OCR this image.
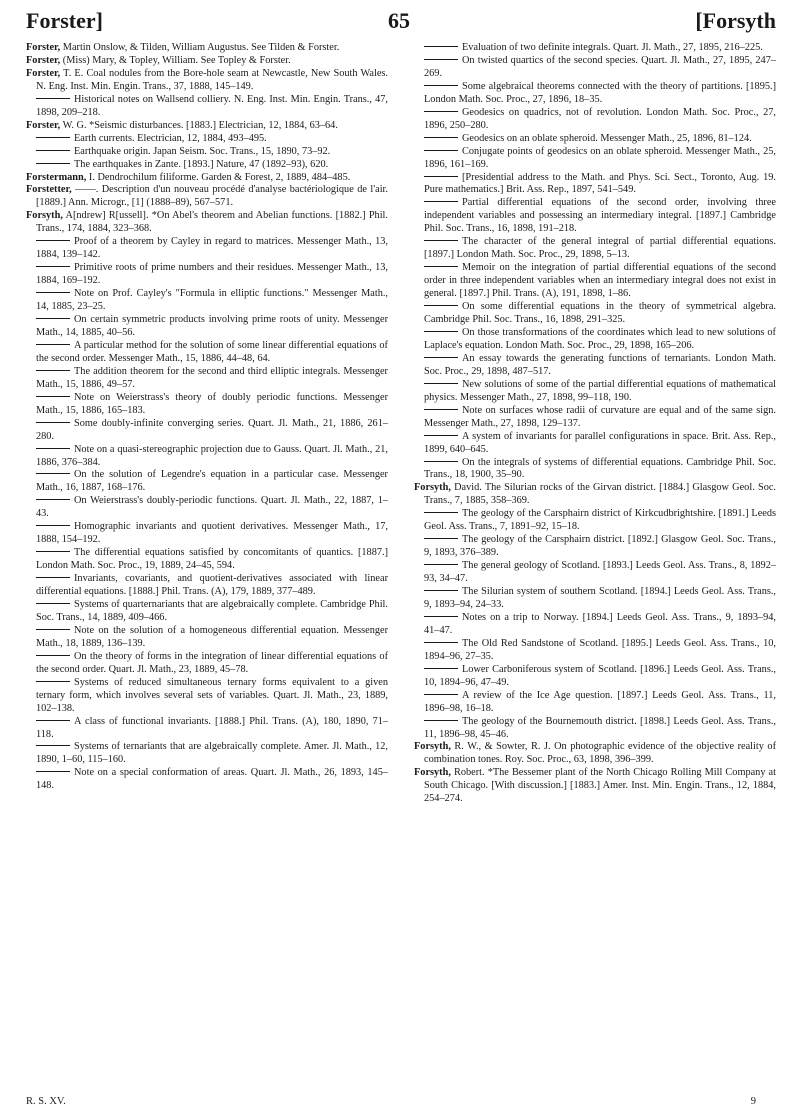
Forster]	65	[Forsyth

Forster, Martin Onslow, & Tilden, William Augustus. See Tilden & Forster.

Forster, (Miss) Mary, & Topley, William. See Topley & Forster.

Forster, T. E. Coal nodules from the Bore-hole seam at Newcastle, New South Wales. N. Eng. Inst. Min. Engin. Trans., 37, 1888, 145–149.

Historical notes on Wallsend colliery. N. Eng. Inst. Min. Engin. Trans., 47, 1898, 209–218.

Forster, W. G. *Seismic disturbances. [1883.] Electrician, 12, 1884, 63–64.

Earth currents. Electrician, 12, 1884, 493–495.

Earthquake origin. Japan Seism. Soc. Trans., 15, 1890, 73–92.

The earthquakes in Zante. [1893.] Nature, 47 (1892–93), 620.

Forstermann, I. Dendrochilum filiforme. Garden & Forest, 2, 1889, 484–485.

Forstetter, ——. Description d'un nouveau procédé d'analyse bactériologique de l'air. [1889.] Ann. Microgr., [1] (1888–89), 567–571.

Forsyth, A[ndrew] R[ussell]. *On Abel's theorem and Abelian functions. [1882.] Phil. Trans., 174, 1884, 323–368.

Proof of a theorem by Cayley in regard to matrices. Messenger Math., 13, 1884, 139–142.

Primitive roots of prime numbers and their residues. Messenger Math., 13, 1884, 169–192.

Note on Prof. Cayley's "Formula in elliptic functions." Messenger Math., 14, 1885, 23–25.

On certain symmetric products involving prime roots of unity. Messenger Math., 14, 1885, 40–56.

A particular method for the solution of some linear differential equations of the second order. Messenger Math., 15, 1886, 44–48, 64.

The addition theorem for the second and third elliptic integrals. Messenger Math., 15, 1886, 49–57.

Note on Weierstrass's theory of doubly periodic functions. Messenger Math., 15, 1886, 165–183.

Some doubly-infinite converging series. Quart. Jl. Math., 21, 1886, 261–280.

Note on a quasi-stereographic projection due to Gauss. Quart. Jl. Math., 21, 1886, 376–384.

On the solution of Legendre's equation in a particular case. Messenger Math., 16, 1887, 168–176.

On Weierstrass's doubly-periodic functions. Quart. Jl. Math., 22, 1887, 1–43.

Homographic invariants and quotient derivatives. Messenger Math., 17, 1888, 154–192.

The differential equations satisfied by concomitants of quantics. [1887.] London Math. Soc. Proc., 19, 1889, 24–45, 594.

Invariants, covariants, and quotient-derivatives associated with linear differential equations. [1888.] Phil. Trans. (A), 179, 1889, 377–489.

Systems of quarternariants that are algebraically complete. Cambridge Phil. Soc. Trans., 14, 1889, 409–466.

Note on the solution of a homogeneous differential equation. Messenger Math., 18, 1889, 136–139.

On the theory of forms in the integration of linear differential equations of the second order. Quart. Jl. Math., 23, 1889, 45–78.

Systems of reduced simultaneous ternary forms equivalent to a given ternary form, which involves several sets of variables. Quart. Jl. Math., 23, 1889, 102–138.

A class of functional invariants. [1888.] Phil. Trans. (A), 180, 1890, 71–118.

Systems of ternariants that are algebraically complete. Amer. Jl. Math., 12, 1890, 1–60, 115–160.

Note on a special conformation of areas. Quart. Jl. Math., 26, 1893, 145–148.

Evaluation of two definite integrals. Quart. Jl. Math., 27, 1895, 216–225.

On twisted quartics of the second species. Quart. Jl. Math., 27, 1895, 247–269.

Some algebraical theorems connected with the theory of partitions. [1895.] London Math. Soc. Proc., 27, 1896, 18–35.

Geodesics on quadrics, not of revolution. London Math. Soc. Proc., 27, 1896, 250–280.

Geodesics on an oblate spheroid. Messenger Math., 25, 1896, 81–124.

Conjugate points of geodesics on an oblate spheroid. Messenger Math., 25, 1896, 161–169.

[Presidential address to the Math. and Phys. Sci. Sect., Toronto, Aug. 19. Pure mathematics.] Brit. Ass. Rep., 1897, 541–549.

Partial differential equations of the second order, involving three independent variables and possessing an intermediary integral. [1897.] Cambridge Phil. Soc. Trans., 16, 1898, 191–218.

The character of the general integral of partial differential equations. [1897.] London Math. Soc. Proc., 29, 1898, 5–13.

Memoir on the integration of partial differential equations of the second order in three independent variables when an intermediary integral does not exist in general. [1897.] Phil. Trans. (A), 191, 1898, 1–86.

On some differential equations in the theory of symmetrical algebra. Cambridge Phil. Soc. Trans., 16, 1898, 291–325.

On those transformations of the coordinates which lead to new solutions of Laplace's equation. London Math. Soc. Proc., 29, 1898, 165–206.

An essay towards the generating functions of ternariants. London Math. Soc. Proc., 29, 1898, 487–517.

New solutions of some of the partial differential equations of mathematical physics. Messenger Math., 27, 1898, 99–118, 190.

Note on surfaces whose radii of curvature are equal and of the same sign. Messenger Math., 27, 1898, 129–137.

A system of invariants for parallel configurations in space. Brit. Ass. Rep., 1899, 640–645.

On the integrals of systems of differential equations. Cambridge Phil. Soc. Trans., 18, 1900, 35–90.

Forsyth, David. The Silurian rocks of the Girvan district. [1884.] Glasgow Geol. Soc. Trans., 7, 1885, 358–369.

The geology of the Carsphairn district of Kirkcudbrightshire. [1891.] Leeds Geol. Ass. Trans., 7, 1891–92, 15–18.

The geology of the Carsphairn district. [1892.] Glasgow Geol. Soc. Trans., 9, 1893, 376–389.

The general geology of Scotland. [1893.] Leeds Geol. Ass. Trans., 8, 1892–93, 34–47.

The Silurian system of southern Scotland. [1894.] Leeds Geol. Ass. Trans., 9, 1893–94, 24–33.

Notes on a trip to Norway. [1894.] Leeds Geol. Ass. Trans., 9, 1893–94, 41–47.

The Old Red Sandstone of Scotland. [1895.] Leeds Geol. Ass. Trans., 10, 1894–96, 27–35.

Lower Carboniferous system of Scotland. [1896.] Leeds Geol. Ass. Trans., 10, 1894–96, 47–49.

A review of the Ice Age question. [1897.] Leeds Geol. Ass. Trans., 11, 1896–98, 16–18.

The geology of the Bournemouth district. [1898.] Leeds Geol. Ass. Trans., 11, 1896–98, 45–46.

Forsyth, R. W., & Sowter, R. J. On photographic evidence of the objective reality of combination tones. Roy. Soc. Proc., 63, 1898, 396–399.

Forsyth, Robert. *The Bessemer plant of the North Chicago Rolling Mill Company at South Chicago. [With discussion.] [1883.] Amer. Inst. Min. Engin. Trans., 12, 1884, 254–274.

R. S. XV.	9
